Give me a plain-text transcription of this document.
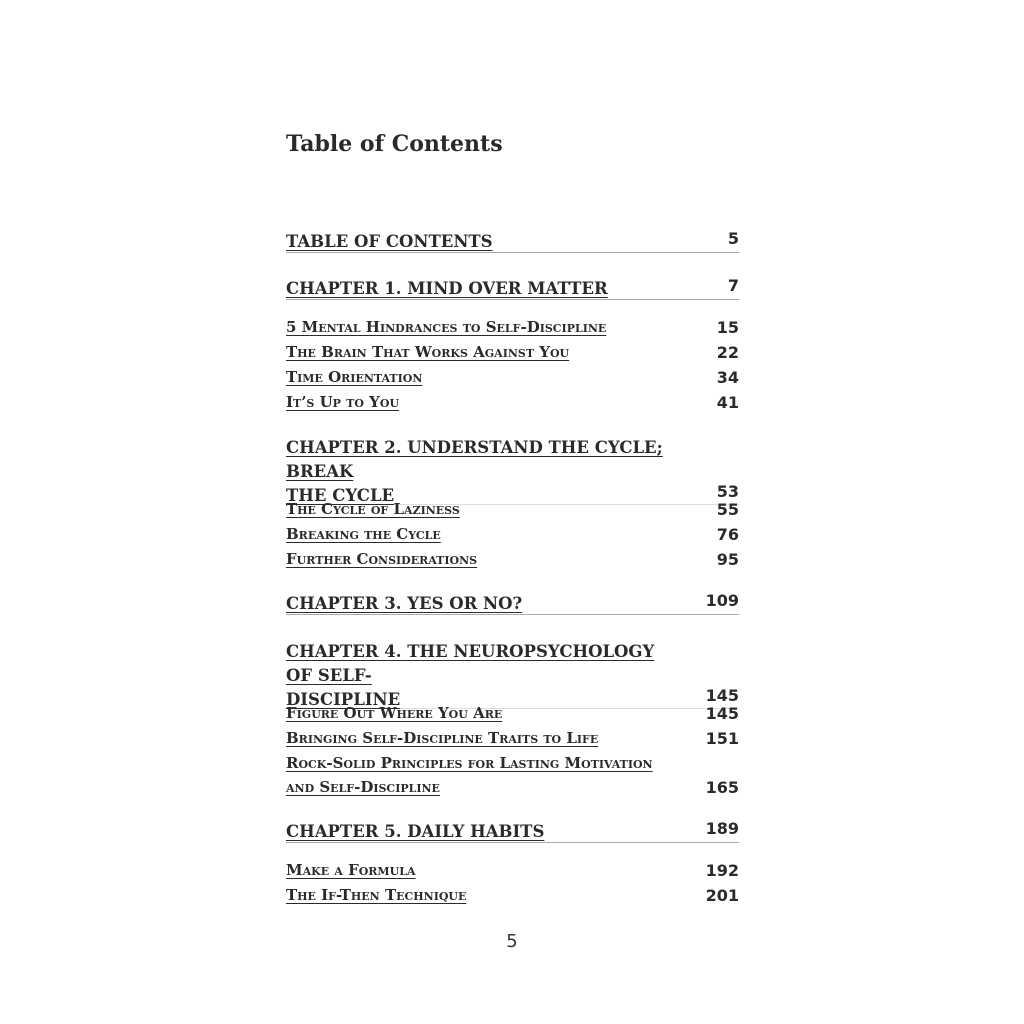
Table of Contents
TABLE OF CONTENTS	5
CHAPTER 1. MIND OVER MATTER	7
5 Mental Hindrances to Self-Discipline	15
The Brain That Works Against You	22
Time Orientation	34
It’s Up to You	41
CHAPTER 2. UNDERSTAND THE CYCLE; BREAK
THE CYCLE	53
The Cycle of Laziness	55
Breaking the Cycle	76
Further Considerations	95
CHAPTER 3. YES OR NO?	109
CHAPTER 4. THE NEUROPSYCHOLOGY OF SELF-
DISCIPLINE	145
Figure Out Where You Are	145
Bringing Self-Discipline Traits to Life	151
Rock-Solid Principles for Lasting Motivation
and Self-Discipline	165
CHAPTER 5. DAILY HABITS	189
Make a Formula	192
The If-Then Technique	201
5
